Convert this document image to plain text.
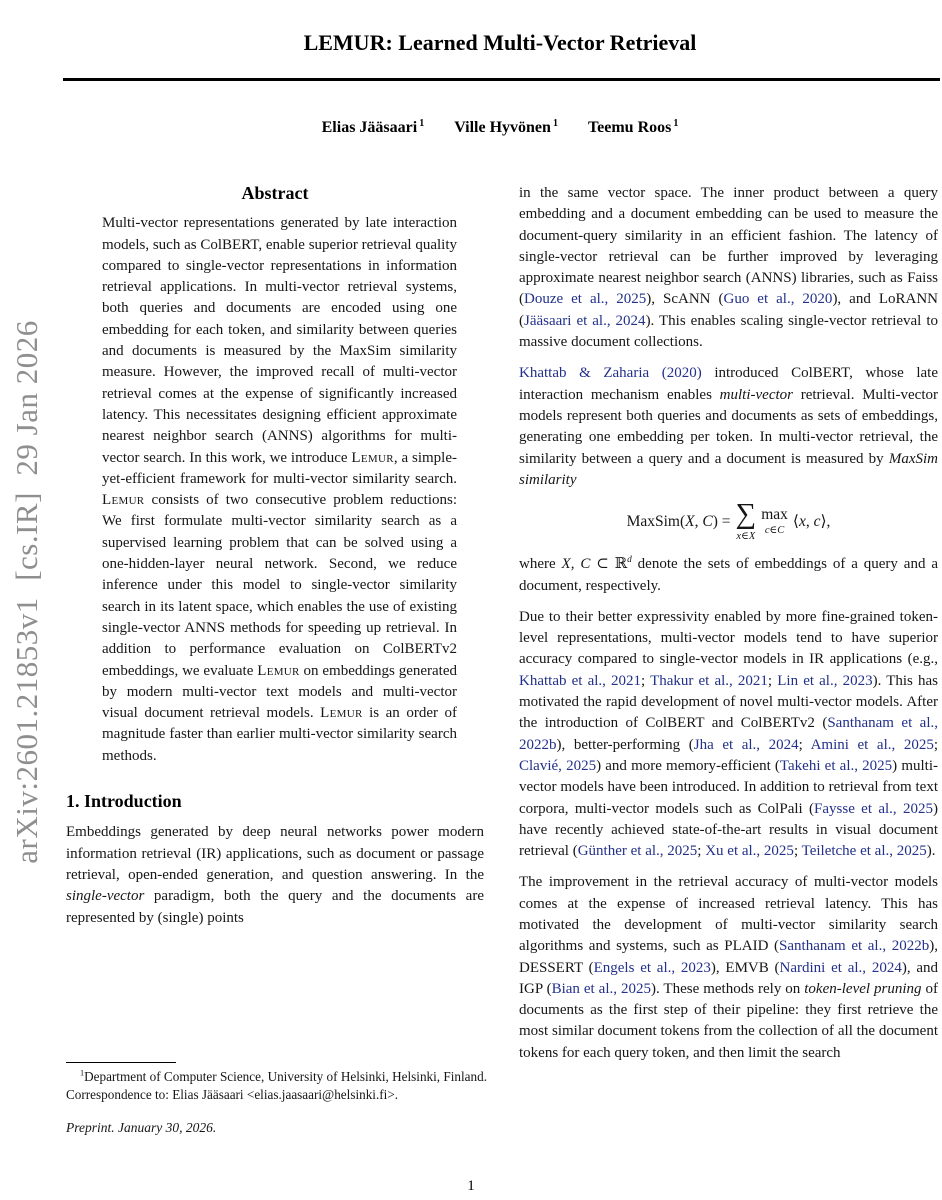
arXiv:2601.21853v1  [cs.IR]  29 Jan 2026
LEMUR: Learned Multi-Vector Retrieval
Elias Jääsaari $^1$ Ville Hyvönen $^1$ Teemu Roos $^1$
Abstract
Multi-vector representations generated by late interaction models, such as ColBERT, enable superior retrieval quality compared to single-vector representations in information retrieval applications. In multi-vector retrieval systems, both queries and documents are encoded using one embedding for each token, and similarity between queries and documents is measured by the MaxSim similarity measure. However, the improved recall of multi-vector retrieval comes at the expense of significantly increased latency. This necessitates designing efficient approximate nearest neighbor search (ANNS) algorithms for multi-vector search. In this work, we introduce Lemur, a simple-yet-efficient framework for multi-vector similarity search. Lemur consists of two consecutive problem reductions: We first formulate multi-vector similarity search as a supervised learning problem that can be solved using a one-hidden-layer neural network. Second, we reduce inference under this model to single-vector similarity search in its latent space, which enables the use of existing single-vector ANNS methods for speeding up retrieval. In addition to performance evaluation on ColBERTv2 embeddings, we evaluate Lemur on embeddings generated by modern multi-vector text models and multi-vector visual document retrieval models. Lemur is an order of magnitude faster than earlier multi-vector similarity search methods.
1. Introduction
Embeddings generated by deep neural networks power modern information retrieval (IR) applications, such as document or passage retrieval, open-ended generation, and question answering. In the single-vector paradigm, both the query and the documents are represented by (single) points
$^1$Department of Computer Science, University of Helsinki, Helsinki, Finland. Correspondence to: Elias Jääsaari <elias.jaasaari@helsinki.fi>.
Preprint. January 30, 2026.
in the same vector space. The inner product between a query embedding and a document embedding can be used to measure the document-query similarity in an efficient fashion. The latency of single-vector retrieval can be further improved by leveraging approximate nearest neighbor search (ANNS) libraries, such as Faiss (Douze et al., 2025), ScANN (Guo et al., 2020), and LoRANN (Jääsaari et al., 2024). This enables scaling single-vector retrieval to massive document collections.
Khattab & Zaharia (2020) introduced ColBERT, whose late interaction mechanism enables multi-vector retrieval. Multi-vector models represent both queries and documents as sets of embeddings, generating one embedding per token. In multi-vector retrieval, the similarity between a query and a document is measured by MaxSim similarity
MaxSim(X, C) = ∑
x∈X
max
c∈C
⟨x, c⟩,
where X, C ⊂ ℝ$^d$ denote the sets of embeddings of a query and a document, respectively.
Due to their better expressivity enabled by more fine-grained token-level representations, multi-vector models tend to have superior accuracy compared to single-vector models in IR applications (e.g., Khattab et al., 2021; Thakur et al., 2021; Lin et al., 2023). This has motivated the rapid development of novel multi-vector models. After the introduction of ColBERT and ColBERTv2 (Santhanam et al., 2022b), better-performing (Jha et al., 2024; Amini et al., 2025; Clavié, 2025) and more memory-efficient (Takehi et al., 2025) multi-vector models have been introduced. In addition to retrieval from text corpora, multi-vector models such as ColPali (Faysse et al., 2025) have recently achieved state-of-the-art results in visual document retrieval (Günther et al., 2025; Xu et al., 2025; Teiletche et al., 2025).
The improvement in the retrieval accuracy of multi-vector models comes at the expense of increased retrieval latency. This has motivated the development of multi-vector similarity search algorithms and systems, such as PLAID (Santhanam et al., 2022b), DESSERT (Engels et al., 2023), EMVB (Nardini et al., 2024), and IGP (Bian et al., 2025). These methods rely on token-level pruning of documents as the first step of their pipeline: they first retrieve the most similar document tokens from the collection of all the document tokens for each query token, and then limit the search
1
